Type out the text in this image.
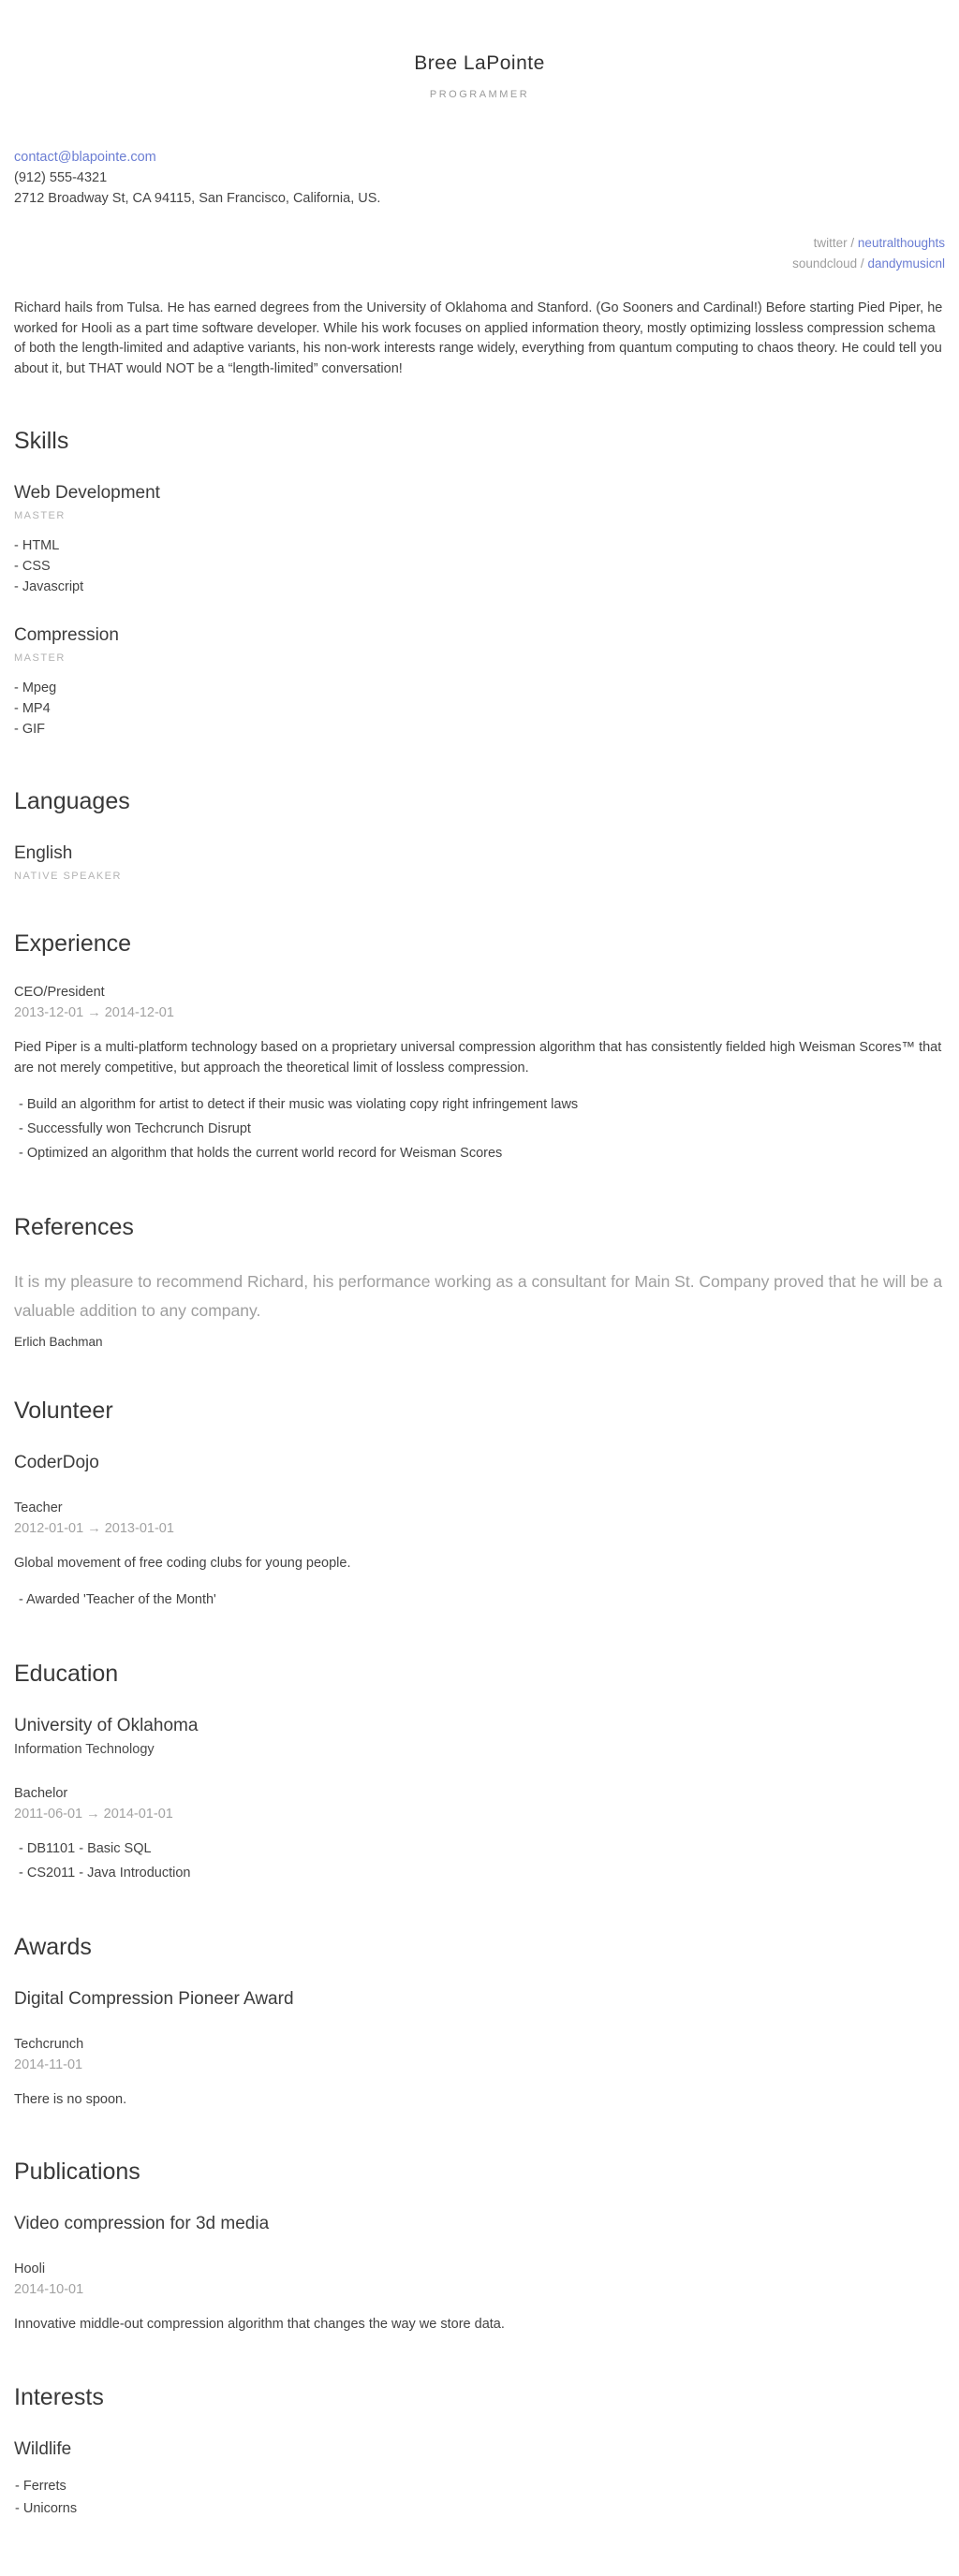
Bree LaPointe
PROGRAMMER
contact@blapointe.com
(912) 555-4321
2712 Broadway St, CA 94115, San Francisco, California, US.
twitter / neutralthoughts
soundcloud / dandymusicnl

Richard hails from Tulsa. He has earned degrees from the University of Oklahoma and Stanford. (Go Sooners and Cardinal!) Before starting Pied Piper, he worked for Hooli as a part time software developer. While his work focuses on applied information theory, mostly optimizing lossless compression schema of both the length-limited and adaptive variants, his non-work interests range widely, everything from quantum computing to chaos theory. He could tell you about it, but THAT would NOT be a “length-limited” conversation!

Skills
Web Development
MASTER
- HTML
- CSS
- Javascript
Compression
MASTER
- Mpeg
- MP4
- GIF
Languages
English
NATIVE SPEAKER
Experience
CEO/President
2013-12-01 → 2014-12-01

Pied Piper is a multi-platform technology based on a proprietary universal compression algorithm that has consistently fielded high Weisman Scores™ that are not merely competitive, but approach the theoretical limit of lossless compression.

- Build an algorithm for artist to detect if their music was violating copy right infringement laws
- Successfully won Techcrunch Disrupt
- Optimized an algorithm that holds the current world record for Weisman Scores
References
It is my pleasure to recommend Richard, his performance working as a consultant for Main St. Company proved that he will be a valuable addition to any company.
Erlich Bachman
Volunteer
CoderDojo
Teacher
2012-01-01 → 2013-01-01

Global movement of free coding clubs for young people.

- Awarded 'Teacher of the Month'
Education
University of Oklahoma
Information Technology
Bachelor
2011-06-01 → 2014-01-01
- DB1101 - Basic SQL
- CS2011 - Java Introduction
Awards
Digital Compression Pioneer Award
Techcrunch
2014-11-01

There is no spoon.

Publications
Video compression for 3d media
Hooli
2014-10-01

Innovative middle-out compression algorithm that changes the way we store data.

Interests
Wildlife
- Ferrets
- Unicorns
